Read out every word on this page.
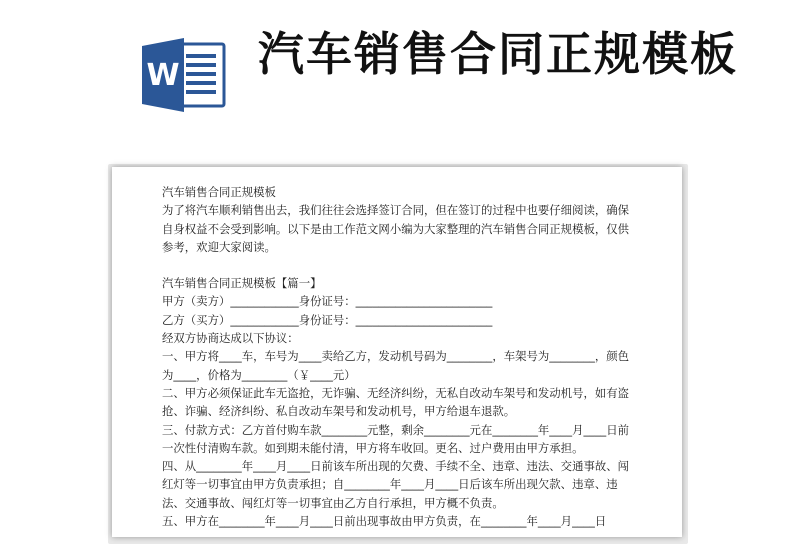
W 汽车销售合同正规模板

汽车销售合同正规模板

为了将汽车顺利销售出去，我们往往会选择签订合同，但在签订的过程中也要仔细阅读，确保自身权益不会受到影响。以下是由工作范文网小编为大家整理的汽车销售合同正规模板，仅供参考，欢迎大家阅读。

汽车销售合同正规模板【篇一】

甲方（卖方）____________身份证号：________________________

乙方（买方）____________身份证号：________________________

经双方协商达成以下协议：

一、甲方将____车，车号为____卖给乙方，发动机号码为________，车架号为________，颜色为____，价格为________（￥____元）

二、甲方必须保证此车无盗抢，无诈骗、无经济纠纷，无私自改动车架号和发动机号，如有盗抢、诈骗、经济纠纷、私自改动车架号和发动机号，甲方给退车退款。

三、付款方式：乙方首付购车款________元整，剩余________元在________年____月____日前一次性付清购车款。如到期未能付清，甲方将车收回。更名、过户费用由甲方承担。

四、从________年____月____日前该车所出现的欠费、手续不全、违章、违法、交通事故、闯红灯等一切事宜由甲方负责承担；自________年____月____日后该车所出现欠款、违章、违法、交通事故、闯红灯等一切事宜由乙方自行承担，甲方概不负责。

五、甲方在________年____月____日前出现事故由甲方负责，在________年____月____日
